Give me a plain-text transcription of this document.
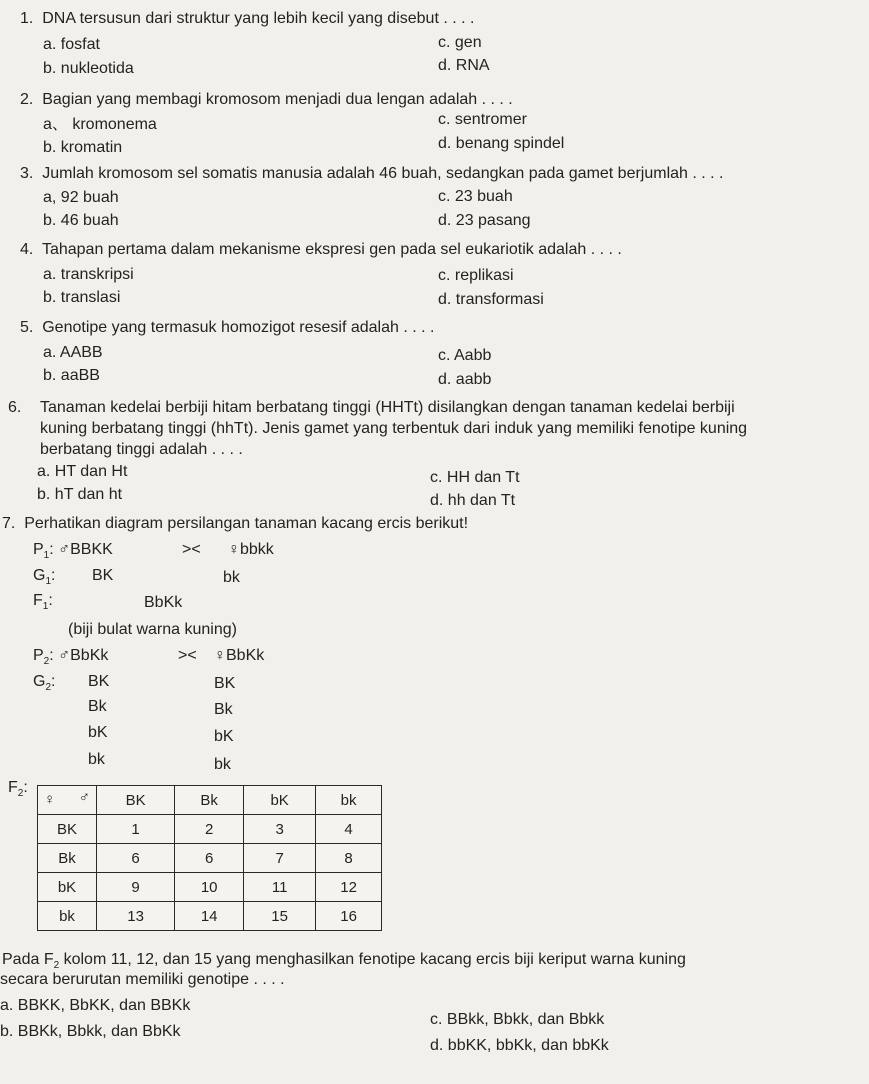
1. DNA tersusun dari struktur yang lebih kecil yang disebut . . . .
a. fosfat
b. nukleotida
c. gen
d. RNA
2. Bagian yang membagi kromosom menjadi dua lengan adalah . . . .
a、 kromonema
b. kromatin
c. sentromer
d. benang spindel
3. Jumlah kromosom sel somatis manusia adalah 46 buah, sedangkan pada gamet berjumlah . . . .
a, 92 buah
b. 46 buah
c. 23 buah
d. 23 pasang
4. Tahapan pertama dalam mekanisme ekspresi gen pada sel eukariotik adalah . . . .
a. transkripsi
b. translasi
c. replikasi
d. transformasi
5. Genotipe yang termasuk homozigot resesif adalah . . . .
a. AABB
b. aaBB
c. Aabb
d. aabb
6. Tanaman kedelai berbiji hitam berbatang tinggi (HHTt) disilangkan dengan tanaman kedelai berbiji
kuning berbatang tinggi (hhTt). Jenis gamet yang terbentuk dari induk yang memiliki fenotipe kuning
berbatang tinggi adalah . . . .
a. HT dan Ht
b. hT dan ht
c. HH dan Tt
d. hh dan Tt
7. Perhatikan diagram persilangan tanaman kacang ercis berikut!
$P_1$: ♂BBKK	>< ♀bbkk
$G_1$: BK	bk
$F_1$:	BbKk
(biji bulat warna kuning)
$P_2$: ♂BbKk	>< ♀BbKk
$G_2$: BK
Bk
bK
bk
BK
Bk
bK
bk
$F_2$:
♀ ♂	BK	Bk	bK	bk
BK	1	2	3	4
Bk	6	6	7	8
bK	9	10	11	12
bk	13	14	15	16
Pada $F_2$ kolom 11, 12, dan 15 yang menghasilkan fenotipe kacang ercis biji keriput warna kuning
secara berurutan memiliki genotipe . . . .
a. BBKK, BbKK, dan BBKk
b. BBKk, Bbkk, dan BbKk
c. BBkk, Bbkk, dan Bbkk
d. bbKK, bbKk, dan bbKk
